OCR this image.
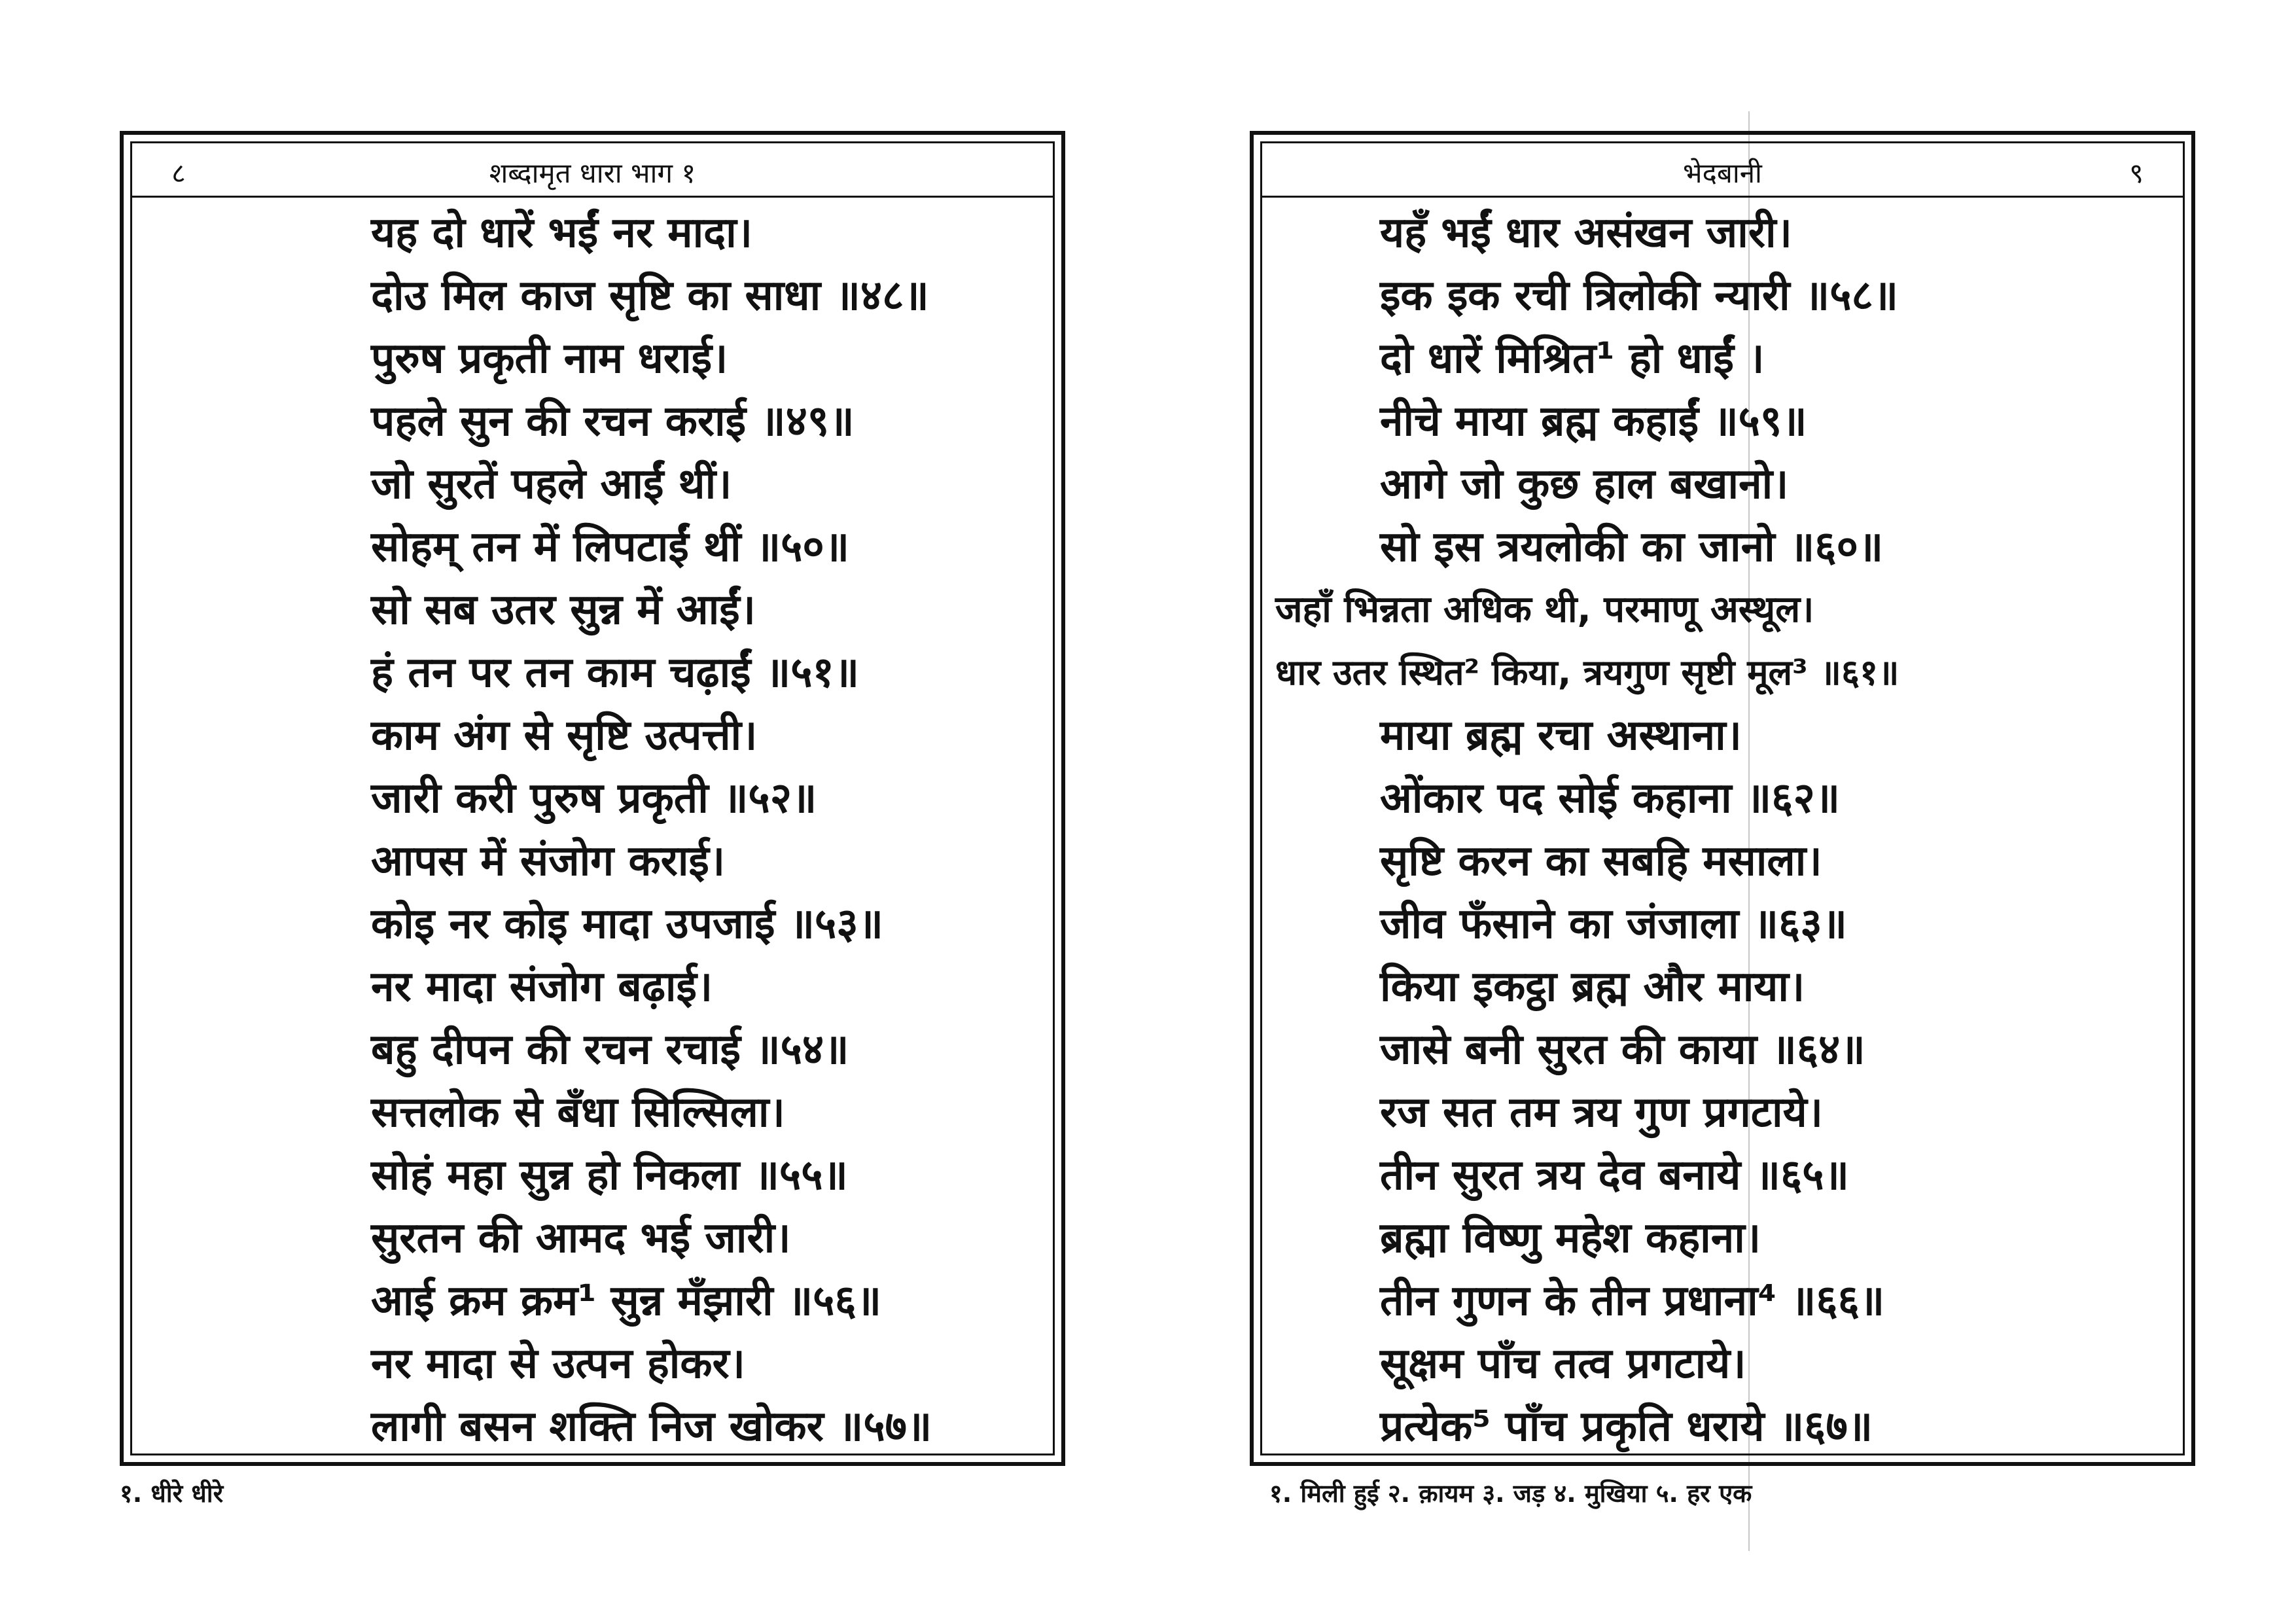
८	शब्दामृत धारा भाग १
यह दो धारें भईं नर मादा।
दोउ मिल काज सृष्टि का साधा ॥४८॥
पुरुष प्रकृती नाम धराई।
पहले सुन की रचन कराई ॥४९॥
जो सुरतें पहले आईं थीं।
सोहम् तन में लिपटाईं थीं ॥५०॥
सो सब उतर सुन्न में आईं।
हं तन पर तन काम चढ़ाईं ॥५१॥
काम अंग से सृष्टि उत्पत्ती।
जारी करी पुरुष प्रकृती ॥५२॥
आपस में संजोग कराई।
कोइ नर कोइ मादा उपजाई ॥५३॥
नर मादा संजोग बढ़ाई।
बहु दीपन की रचन रचाई ॥५४॥
सत्तलोक से बँधा सिल्सिला।
सोहं महा सुन्न हो निकला ॥५५॥
सुरतन की आमद भई जारी।
आई क्रम क्रम¹ सुन्न मँझारी ॥५६॥
नर मादा से उत्पन होकर।
लागी बसन शक्ति निज खोकर ॥५७॥
भेदबानी	९
यहँ भईं धार असंखन जारी।
इक इक रची त्रिलोकी न्यारी ॥५८॥
दो धारें मिश्रित¹ हो धाईं ।
नीचे माया ब्रह्म कहाईं ॥५९॥
आगे जो कुछ हाल बखानो।
सो इस त्रयलोकी का जानो ॥६०॥
जहाँ भिन्नता अधिक थी, परमाणू अस्थूल।
धार उतर स्थित² किया, त्रयगुण सृष्टी मूल³ ॥६१॥
माया ब्रह्म रचा अस्थाना।
ओंकार पद सोई कहाना ॥६२॥
सृष्टि करन का सबहि मसाला।
जीव फँसाने का जंजाला ॥६३॥
किया इकट्ठा ब्रह्म और माया।
जासे बनी सुरत की काया ॥६४॥
रज सत तम त्रय गुण प्रगटाये।
तीन सुरत त्रय देव बनाये ॥६५॥
ब्रह्मा विष्णु महेश कहाना।
तीन गुणन के तीन प्रधाना⁴ ॥६६॥
सूक्षम पाँच तत्व प्रगटाये।
प्रत्येक⁵ पाँच प्रकृति धराये ॥६७॥
१. धीरे धीरे	१. मिली हुई २. क़ायम ३. जड़ ४. मुखिया ५. हर एक
